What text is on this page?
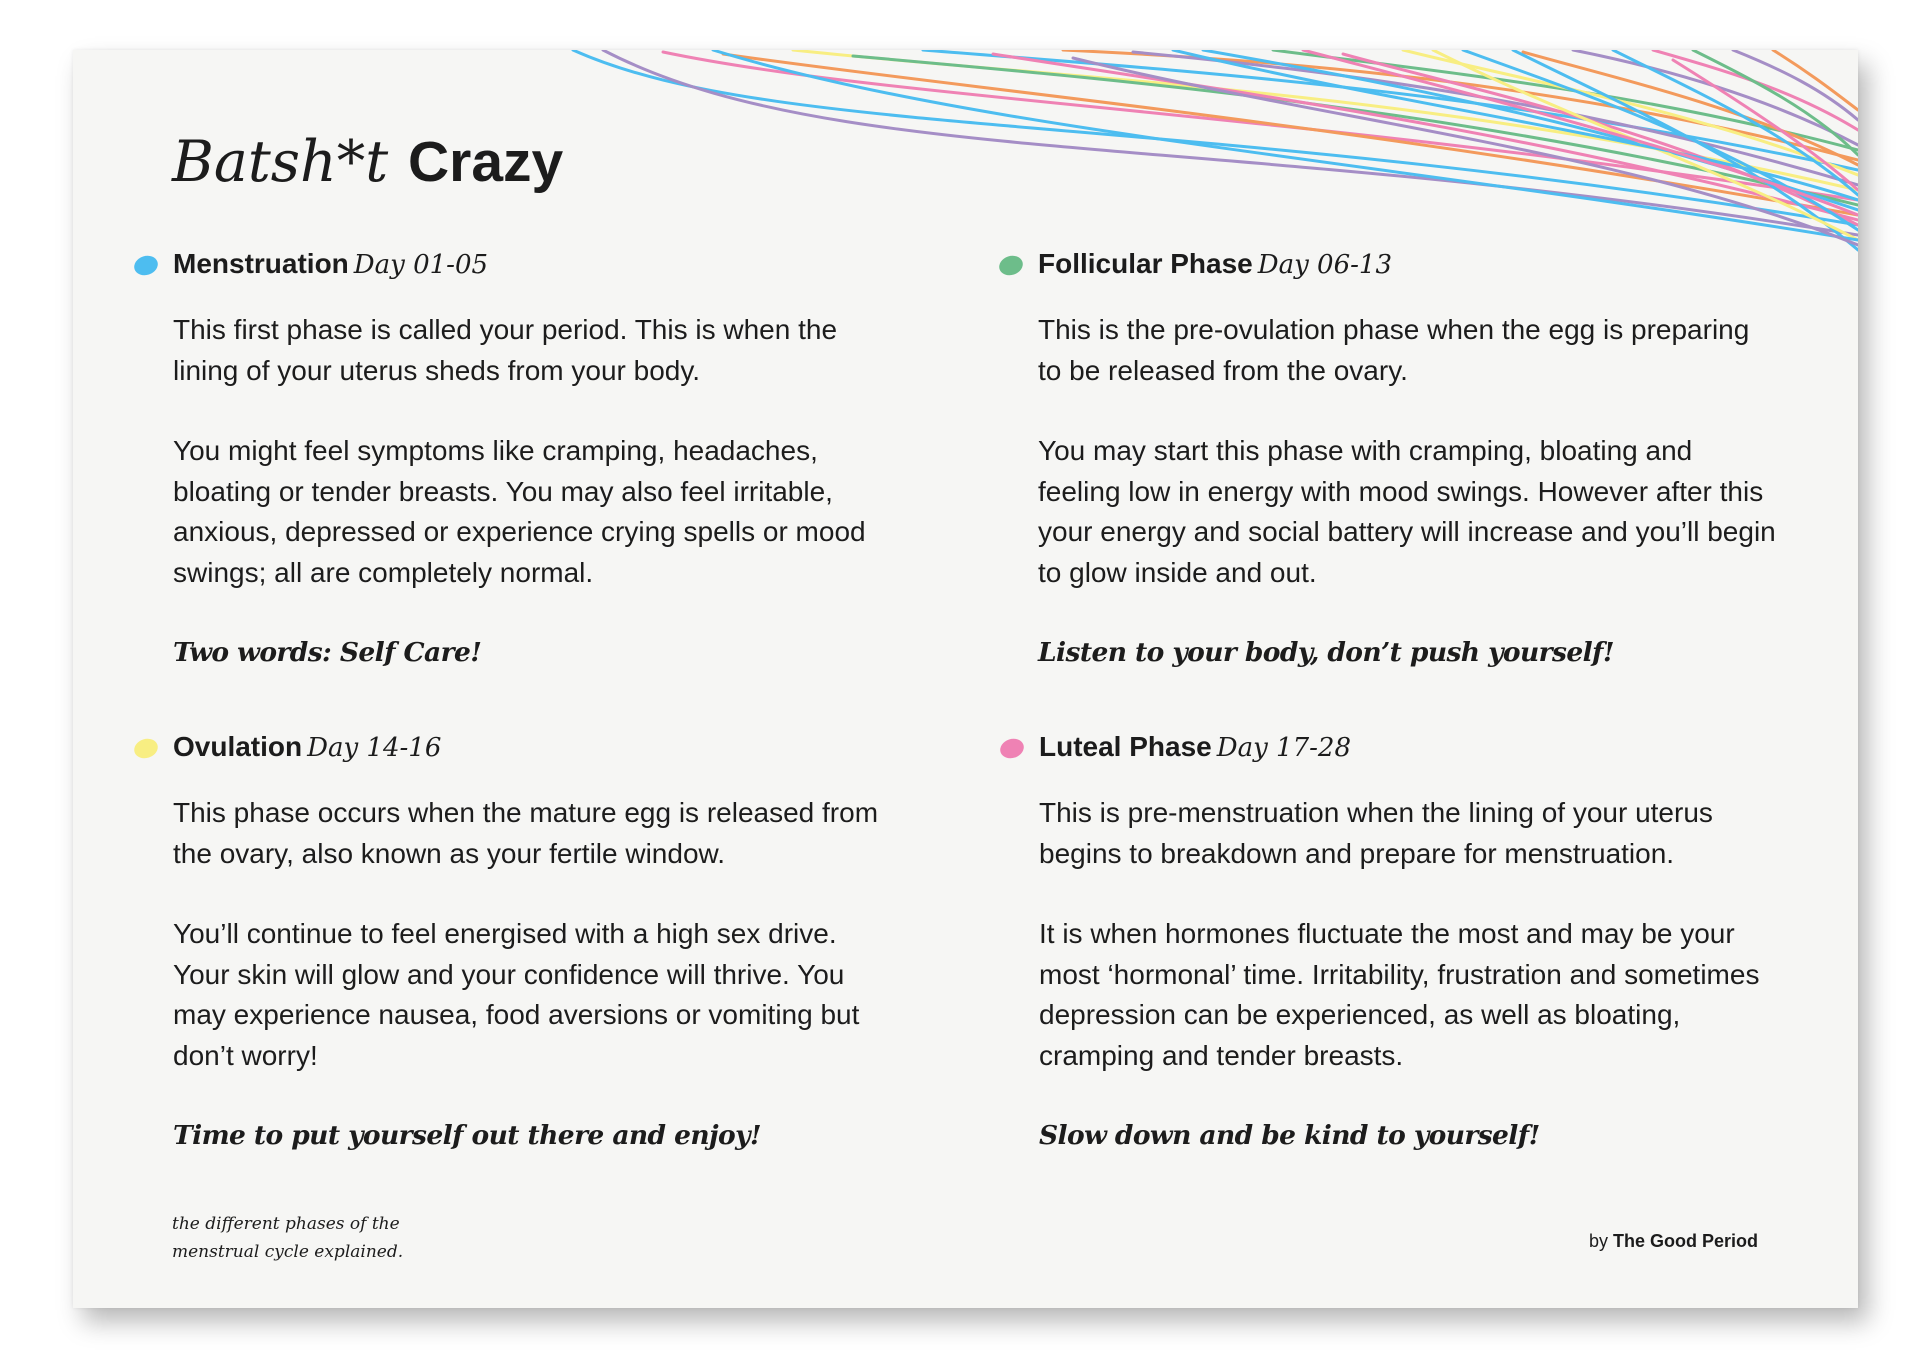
Batsh*t Crazy
Menstruation Day 01-05

This first phase is called your period. This is when the lining of your uterus sheds from your body.

You might feel symptoms like cramping, headaches, bloating or tender breasts. You may also feel irritable, anxious, depressed or experience crying spells or mood swings; all are completely normal.

Two words: Self Care!

Follicular Phase Day 06-13

This is the pre-ovulation phase when the egg is preparing to be released from the ovary.

You may start this phase with cramping, bloating and feeling low in energy with mood swings. However after this your energy and social battery will increase and you’ll begin to glow inside and out.

Listen to your body, don’t push yourself!

Ovulation Day 14-16

This phase occurs when the mature egg is released from the ovary, also known as your fertile window.

You’ll continue to feel energised with a high sex drive. Your skin will glow and your confidence will thrive. You may experience nausea, food aversions or vomiting but don’t worry!

Time to put yourself out there and enjoy!

Luteal Phase Day 17-28

This is pre-menstruation when the lining of your uterus begins to breakdown and prepare for menstruation.

It is when hormones fluctuate the most and may be your most ‘hormonal’ time. Irritability, frustration and sometimes depression can be experienced, as well as bloating, cramping and tender breasts.

Slow down and be kind to yourself!

the different phases of the menstrual cycle explained.

by The Good Period
